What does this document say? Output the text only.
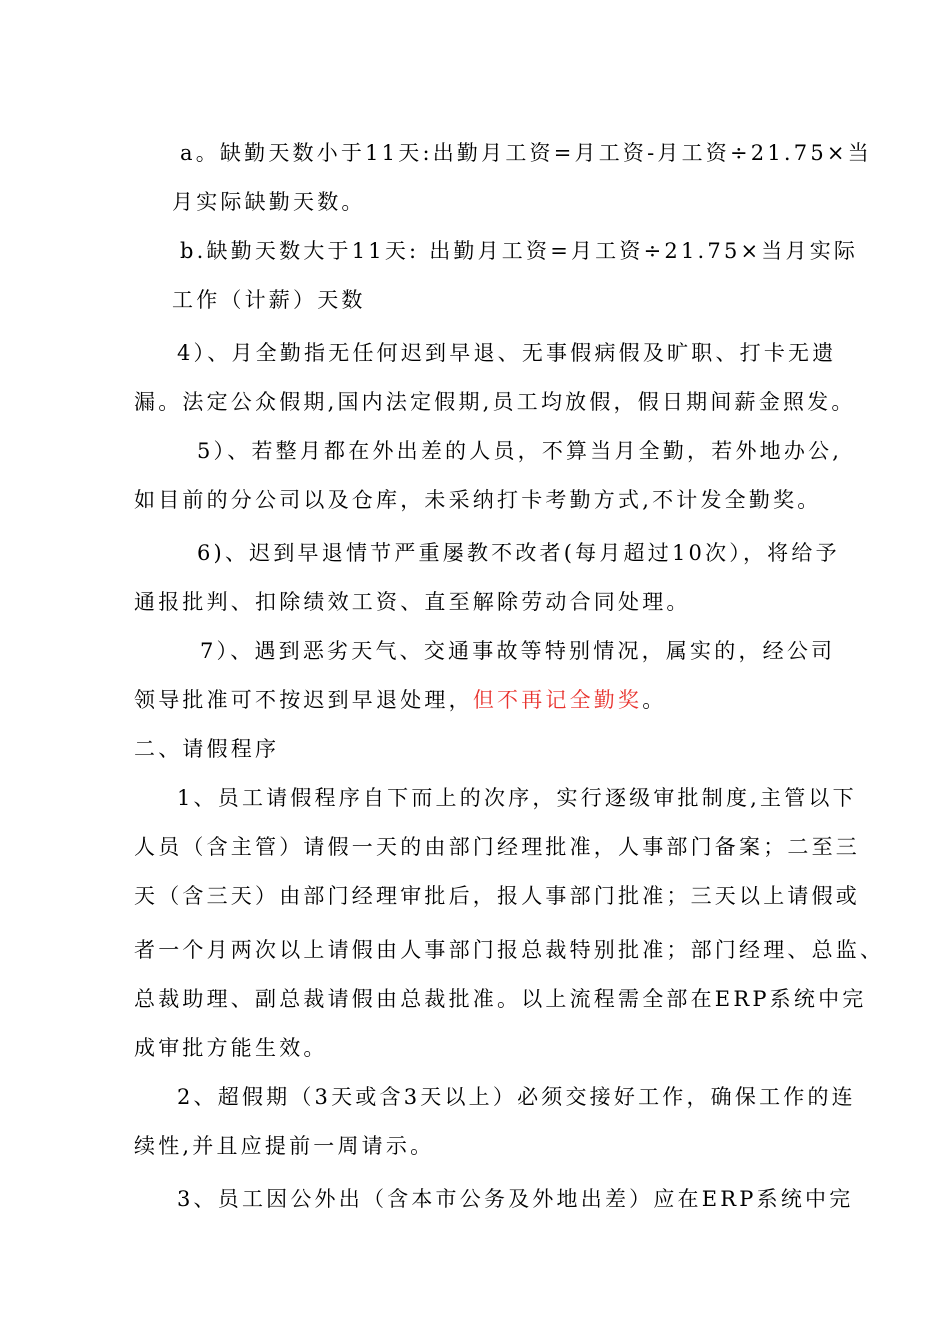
a。缺勤天数小于11天:出勤月工资=月工资-月工资÷21.75×当
月实际缺勤天数。
b.缺勤天数大于11天: 出勤月工资=月工资÷21.75×当月实际
工作（计薪）天数
4）、月全勤指无任何迟到早退、无事假病假及旷职、打卡无遗
漏。法定公众假期,国内法定假期,员工均放假，假日期间薪金照发。
5）、若整月都在外出差的人员，不算当月全勤，若外地办公,
如目前的分公司以及仓库，未采纳打卡考勤方式,不计发全勤奖。
6)、迟到早退情节严重屡教不改者(每月超过10次），将给予
通报批判、扣除绩效工资、直至解除劳动合同处理。
7）、遇到恶劣天气、交通事故等特别情况，属实的，经公司
领导批准可不按迟到早退处理，但不再记全勤奖。
二、请假程序
1、员工请假程序自下而上的次序，实行逐级审批制度,主管以下
人员（含主管）请假一天的由部门经理批准，人事部门备案；二至三
天（含三天）由部门经理审批后，报人事部门批准；三天以上请假或
者一个月两次以上请假由人事部门报总裁特别批准；部门经理、总监、
总裁助理、副总裁请假由总裁批准。以上流程需全部在ERP系统中完
成审批方能生效。
2、超假期（3天或含3天以上）必须交接好工作，确保工作的连
续性,并且应提前一周请示。
3、员工因公外出（含本市公务及外地出差）应在ERP系统中完
